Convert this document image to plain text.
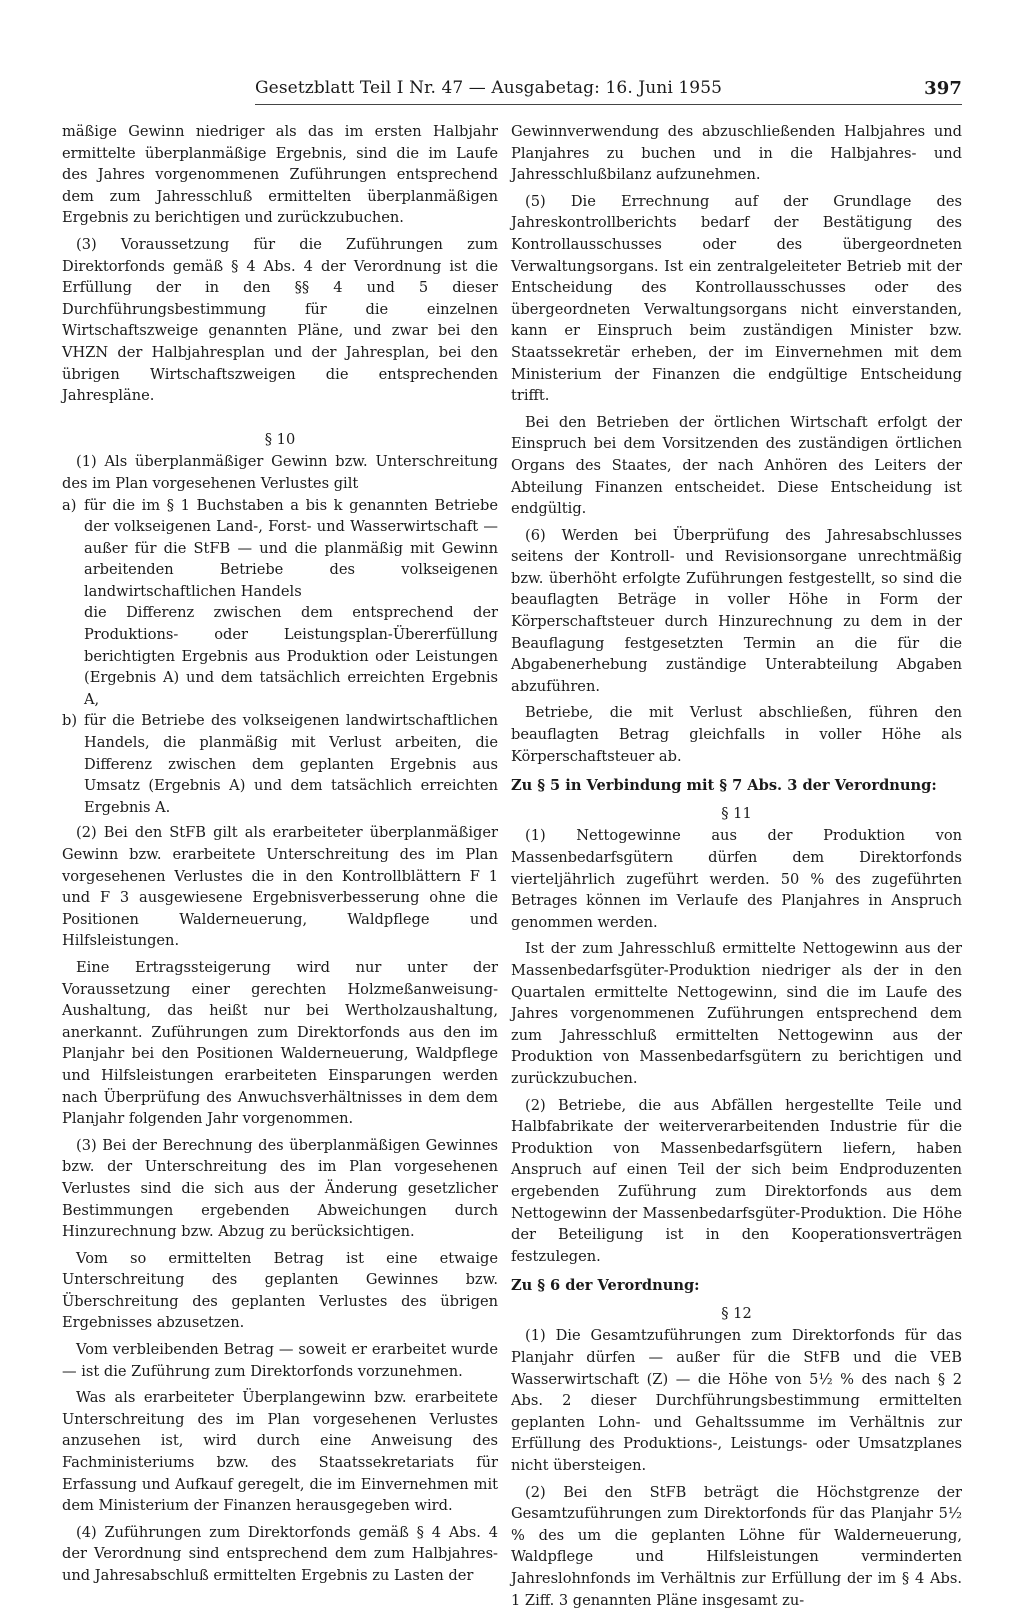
Gesetzblatt Teil I Nr. 47 — Ausgabetag: 16. Juni 1955	397

mäßige Gewinn niedriger als das im ersten Halbjahr ermittelte überplanmäßige Ergebnis, sind die im Laufe des Jahres vorgenommenen Zuführungen entsprechend dem zum Jahresschluß ermittelten überplanmäßigen Ergebnis zu berichtigen und zurückzubuchen.

(3) Voraussetzung für die Zuführungen zum Direktorfonds gemäß § 4 Abs. 4 der Verordnung ist die Erfüllung der in den §§ 4 und 5 dieser Durchführungsbestimmung für die einzelnen Wirtschaftszweige genannten Pläne, und zwar bei den VHZN der Halbjahresplan und der Jahresplan, bei den übrigen Wirtschaftszweigen die entsprechenden Jahrespläne.

§ 10

(1) Als überplanmäßiger Gewinn bzw. Unterschreitung des im Plan vorgesehenen Verlustes gilt

a) für die im § 1 Buchstaben a bis k genannten Betriebe der volkseigenen Land-, Forst- und Wasserwirtschaft — außer für die StFB — und die planmäßig mit Gewinn arbeitenden Betriebe des volkseigenen landwirtschaftlichen Handels

die Differenz zwischen dem entsprechend der Produktions- oder Leistungsplan-Übererfüllung berichtigten Ergebnis aus Produktion oder Leistungen (Ergebnis A) und dem tatsächlich erreichten Ergebnis A,

b) für die Betriebe des volkseigenen landwirtschaftlichen Handels, die planmäßig mit Verlust arbeiten, die Differenz zwischen dem geplanten Ergebnis aus Umsatz (Ergebnis A) und dem tatsächlich erreichten Ergebnis A.

(2) Bei den StFB gilt als erarbeiteter überplanmäßiger Gewinn bzw. erarbeitete Unterschreitung des im Plan vorgesehenen Verlustes die in den Kontrollblättern F 1 und F 3 ausgewiesene Ergebnisverbesserung ohne die Positionen Walderneuerung, Waldpflege und Hilfsleistungen.

Eine Ertragssteigerung wird nur unter der Voraussetzung einer gerechten Holzmeßanweisung-Aushaltung, das heißt nur bei Wertholzaushaltung, anerkannt. Zuführungen zum Direktorfonds aus den im Planjahr bei den Positionen Walderneuerung, Waldpflege und Hilfsleistungen erarbeiteten Einsparungen werden nach Überprüfung des Anwuchsverhältnisses in dem dem Planjahr folgenden Jahr vorgenommen.

(3) Bei der Berechnung des überplanmäßigen Gewinnes bzw. der Unterschreitung des im Plan vorgesehenen Verlustes sind die sich aus der Änderung gesetzlicher Bestimmungen ergebenden Abweichungen durch Hinzurechnung bzw. Abzug zu berücksichtigen.

Vom so ermittelten Betrag ist eine etwaige Unterschreitung des geplanten Gewinnes bzw. Überschreitung des geplanten Verlustes des übrigen Ergebnisses abzusetzen.

Vom verbleibenden Betrag — soweit er erarbeitet wurde — ist die Zuführung zum Direktorfonds vorzunehmen.

Was als erarbeiteter Überplangewinn bzw. erarbeitete Unterschreitung des im Plan vorgesehenen Verlustes anzusehen ist, wird durch eine Anweisung des Fachministeriums bzw. des Staatssekretariats für Erfassung und Aufkauf geregelt, die im Einvernehmen mit dem Ministerium der Finanzen herausgegeben wird.

(4) Zuführungen zum Direktorfonds gemäß § 4 Abs. 4 der Verordnung sind entsprechend dem zum Halbjahres- und Jahresabschluß ermittelten Ergebnis zu Lasten der

Gewinnverwendung des abzuschließenden Halbjahres und Planjahres zu buchen und in die Halbjahres- und Jahresschlußbilanz aufzunehmen.

(5) Die Errechnung auf der Grundlage des Jahreskontrollberichts bedarf der Bestätigung des Kontrollausschusses oder des übergeordneten Verwaltungsorgans. Ist ein zentralgeleiteter Betrieb mit der Entscheidung des Kontrollausschusses oder des übergeordneten Verwaltungsorgans nicht einverstanden, kann er Einspruch beim zuständigen Minister bzw. Staatssekretär erheben, der im Einvernehmen mit dem Ministerium der Finanzen die endgültige Entscheidung trifft.

Bei den Betrieben der örtlichen Wirtschaft erfolgt der Einspruch bei dem Vorsitzenden des zuständigen örtlichen Organs des Staates, der nach Anhören des Leiters der Abteilung Finanzen entscheidet. Diese Entscheidung ist endgültig.

(6) Werden bei Überprüfung des Jahresabschlusses seitens der Kontroll- und Revisionsorgane unrechtmäßig bzw. überhöht erfolgte Zuführungen festgestellt, so sind die beauflagten Beträge in voller Höhe in Form der Körperschaftsteuer durch Hinzurechnung zu dem in der Beauflagung festgesetzten Termin an die für die Abgabenerhebung zuständige Unterabteilung Abgaben abzuführen.

Betriebe, die mit Verlust abschließen, führen den beauflagten Betrag gleichfalls in voller Höhe als Körperschaftsteuer ab.

Zu § 5 in Verbindung mit § 7 Abs. 3 der Verordnung:
§ 11

(1) Nettogewinne aus der Produktion von Massenbedarfsgütern dürfen dem Direktorfonds vierteljährlich zugeführt werden. 50 % des zugeführten Betrages können im Verlaufe des Planjahres in Anspruch genommen werden.

Ist der zum Jahresschluß ermittelte Nettogewinn aus der Massenbedarfsgüter-Produktion niedriger als der in den Quartalen ermittelte Nettogewinn, sind die im Laufe des Jahres vorgenommenen Zuführungen entsprechend dem zum Jahresschluß ermittelten Nettogewinn aus der Produktion von Massenbedarfsgütern zu berichtigen und zurückzubuchen.

(2) Betriebe, die aus Abfällen hergestellte Teile und Halbfabrikate der weiterverarbeitenden Industrie für die Produktion von Massenbedarfsgütern liefern, haben Anspruch auf einen Teil der sich beim Endproduzenten ergebenden Zuführung zum Direktorfonds aus dem Nettogewinn der Massenbedarfsgüter-Produktion. Die Höhe der Beteiligung ist in den Kooperationsverträgen festzulegen.

Zu § 6 der Verordnung:
§ 12

(1) Die Gesamtzuführungen zum Direktorfonds für das Planjahr dürfen — außer für die StFB und die VEB Wasserwirtschaft (Z) — die Höhe von 5½ % des nach § 2 Abs. 2 dieser Durchführungsbestimmung ermittelten geplanten Lohn- und Gehaltssumme im Verhältnis zur Erfüllung des Produktions-, Leistungs- oder Umsatzplanes nicht übersteigen.

(2) Bei den StFB beträgt die Höchstgrenze der Gesamtzuführungen zum Direktorfonds für das Planjahr 5½ % des um die geplanten Löhne für Walderneuerung, Waldpflege und Hilfsleistungen verminderten Jahreslohnfonds im Verhältnis zur Erfüllung der im § 4 Abs. 1 Ziff. 3 genannten Pläne insgesamt zu-
